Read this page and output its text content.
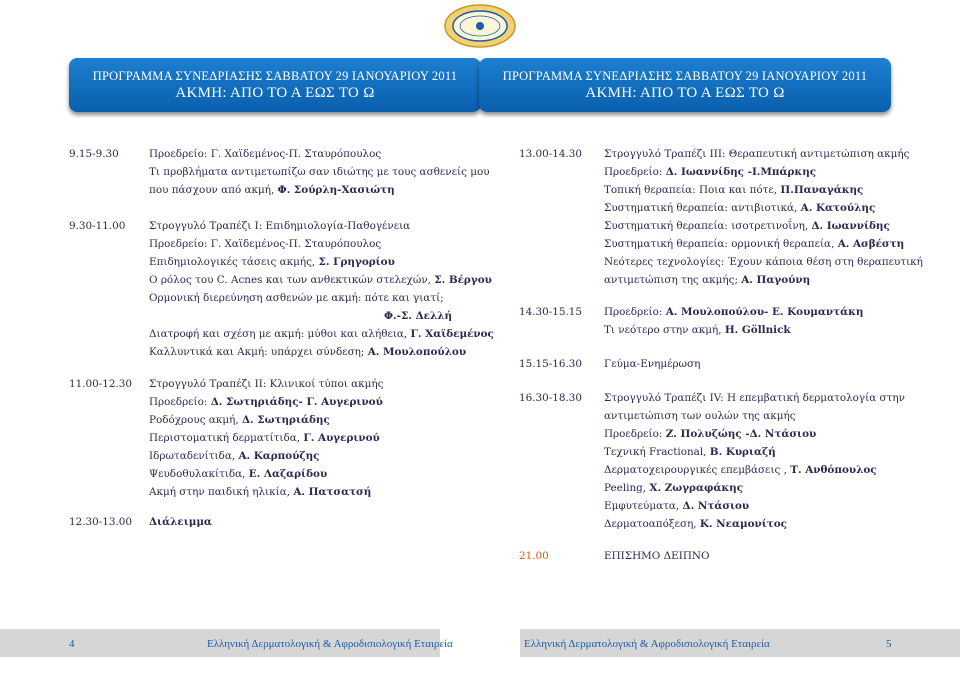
ΠΡΟΓΡΑΜΜΑ ΣΥΝΕΔΡΙΑΣΗΣ ΣΑΒΒΑΤΟΥ 29 ΙΑΝΟΥΑΡΙΟΥ 2011
ΑΚΜΗ: ΑΠΟ ΤΟ Α ΕΩΣ ΤΟ Ω
ΠΡΟΓΡΑΜΜΑ ΣΥΝΕΔΡΙΑΣΗΣ ΣΑΒΒΑΤΟΥ 29 ΙΑΝΟΥΑΡΙΟΥ 2011
ΑΚΜΗ: ΑΠΟ ΤΟ Α ΕΩΣ ΤΟ Ω
9.15-9.30	Προεδρείο: Γ. Χαϊδεμένος-Π. Σταυρόπουλος
Τι προβλήματα αντιμετωπίζω σαν ιδιώτης με τους ασθενείς μου
που πάσχουν από ακμή, Φ. Σούρλη-Χασιώτη
9.30-11.00 Στρογγυλό Τραπέζι Ι: Επιδημιολογία-Παθογένεια
Προεδρείο: Γ. Χαϊδεμένος-Π. Σταυρόπουλος
Επιδημιολογικές τάσεις ακμής, Σ. Γρηγορίου
Ο ρόλος του C. Acnes και των ανθεκτικών στελεχών, Σ. Βέργου
Ορμονική διερεύνηση ασθενών με ακμή: πότε και γιατί;
Φ.-Σ. Δελλή
Διατροφή και σχέση με ακμή: μύθοι και αλήθεια, Γ. Χαϊδεμένος
Καλλυντικά και Ακμή: υπάρχει σύνδεση; Α. Μουλοπούλου
11.00-12.30 Στρογγυλό Τραπέζι ΙΙ: Κλινικοί τύποι ακμής
Προεδρείο: Δ. Σωτηριάδης- Γ. Αυγερινού
Ροδόχρους ακμή, Δ. Σωτηριάδης
Περιστοματική δερματίτιδα, Γ. Αυγερινού
Ιδρωταδενίτιδα, Α. Καρπούζης
Ψευδοθυλακίτιδα, Ε. Λαζαρίδου
Ακμή στην παιδική ηλικία, Α. Πατσατσή
12.30-13.00 Διάλειμμα
13.00-14.30 Στρογγυλό Τραπέζι ΙΙΙ: Θεραπευτική αντιμετώπιση ακμής
Προεδρείο: Δ. Ιωαννίδης -Ι.Μπάρκης
Τοπική θεραπεία: Ποια και πότε, Π.Παναγάκης
Συστηματική θεραπεία: αντιβιοτικά, Α. Κατούλης
Συστηματική θεραπεία: ισοτρετινοΐνη, Δ. Ιωαννίδης
Συστηματική θεραπεία: ορμονική θεραπεία, Α. Ασβέστη
Νεότερες τεχνολογίες: Έχουν κάποια θέση στη θεραπευτική
αντιμετώπιση της ακμής; Α. Παγούνη
14.30-15.15 Προεδρείο: Α. Μουλοπούλου- Ε. Κουμαντάκη
Τι νεότερο στην ακμή, Η. Göllnick
15.15-16.30 Γεύμα-Ενημέρωση
16.30-18.30 Στρογγυλό Τραπέζι IV: Η επεμβατική δερματολογία στην
αντιμετώπιση των ουλών της ακμής
Προεδρείο: Ζ. Πολυζώης -Δ. Ντάσιου
Τεχνική Fractional, Β. Κυριαζή
Δερματοχειρουργικές επεμβάσεις , Τ. Ανθόπουλος
Peeling, Χ. Ζωγραφάκης
Εμφυτεύματα, Δ. Ντάσιου
Δερματοαπόξεση, Κ. Νεαμονίτος
21.00	ΕΠΙΣΗΜΟ ΔΕΙΠΝΟ
4	Ελληνική Δερματολογική & Αφροδισιολογική Εταιρεία	Ελληνική Δερματολογική & Αφροδισιολογική Εταιρεία	5
